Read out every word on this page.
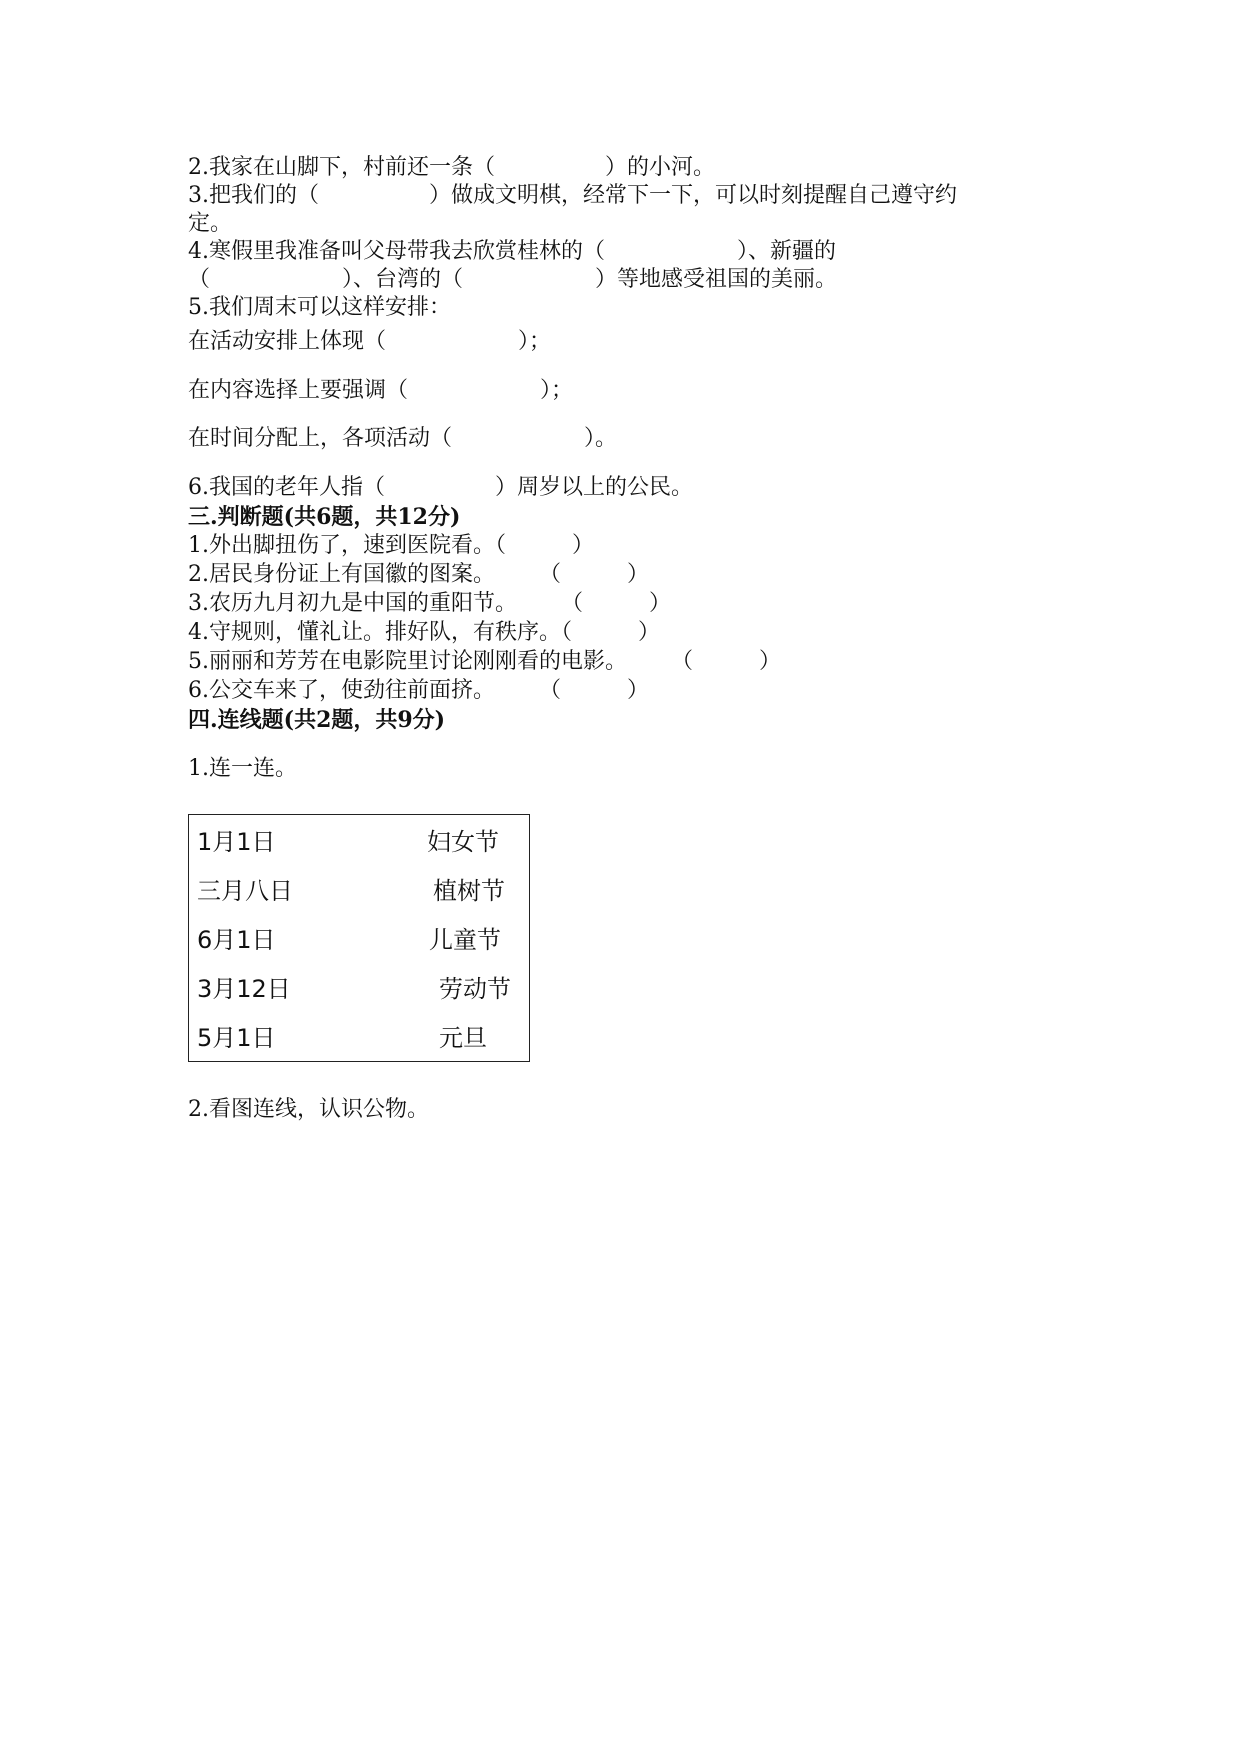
2.我家在山脚下，村前还一条（　　　　　）的小河。
3.把我们的（　　　　　）做成文明棋，经常下一下，可以时刻提醒自己遵守约
定。
4.寒假里我准备叫父母带我去欣赏桂林的（　　　　　　）、新疆的
（　　　　　　）、台湾的（　　　　　　）等地感受祖国的美丽。
5.我们周末可以这样安排：
在活动安排上体现（　　　　　　）；
在内容选择上要强调（　　　　　　）；
在时间分配上，各项活动（　　　　　　）。
6.我国的老年人指（　　　　　）周岁以上的公民。
三.判断题(共6题，共12分)
1.外出脚扭伤了，速到医院看。（　　　）
2.居民身份证上有国徽的图案。　　　（　　　）
3.农历九月初九是中国的重阳节。　　　（　　　）
4.守规则，懂礼让。排好队，有秩序。（　　　）
5.丽丽和芳芳在电影院里讨论刚刚看的电影。　　　（　　　）
6.公交车来了，使劲往前面挤。　　　（　　　）
四.连线题(共2题，共9分)
1.连一连。
1月1日	妇女节
三月八日	植树节
6月1日	儿童节
3月12日	劳动节
5月1日	元旦
2.看图连线，认识公物。
